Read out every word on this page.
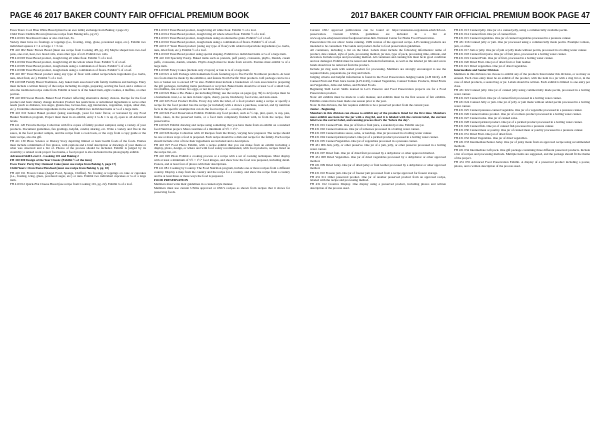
PAGE 46 2017 BAKER COUNTY FAIR OFFICIAL PREMIUM BOOK

Ewes Years: Cool Blue White Breed (must be an ewe lamb) exchange from Baking 1 page 21)

Child Years: Debbie Brown (must use recipe from Baking info, pg 21)

FH 410 001 Shortbread Cakes or also visit Gul, 3x.

Variety must have no frostings or toppings (i.e., frosting, icing, glaze, powdered sugar, etc.). Exhibit two individual squares 2 × 4 or large 1 × 3 cut.

FH 410 002 Basic Brown Bread (must use recipe from Cooking 4H, pg. 45) Maybe shaped into two-loaf pans, one oval, heat, two bread rolls, even other type of roll. Exhibit two rolls.

FH 410 003 Yeast Bread product, dough bring all white flour. Exhibit ½ of a loaf.

FH 410 004 Yeast Bread product, dough bring all the whole wheat flour. Exhibit ½ of a loaf.

FH 410 005 Yeast Bread product, dough made using a combination of flours. Exhibit ½ of a loaf.

FH 410 006 Yeast Bread product, dough made using a combination of flours. Exhibit ½ of a loaf.

FH 410 007 Yeast Bread product using any type of flour with added recipe/whole ingredients (i.e. herbs, nuts, dried fruit, etc.). Exhibit ½ of a loaf.

FH 410 008 Family Bread Traditions. Any baked item associated with family traditions and heritage. Entry must include a written history of the recipe including its origin, preparing, serving the food, and a culture or who the traditional recipe came from. Exhibit at least ¼ of the baked item, eight cookies, 4 muffins, or other portion.

FH 410 009 Sweet Breads. Baked Food Product reflecting alternative dietary choices. Recipe for the food product and basic dietary change included. Product has restrictions or substituted ingredients to serve other needs (such as diabetes, low-sugar, gluten-free, lactose-free, egg intolerance, vegetarian, vegan, other diet, etc.). Underline alternative ingredients in the recipe. Exhibit two individual items or ¼ of a large item.

FH 410 010 Senior Baked product (using sourdough, yeast for basic flavor, or leavened by any Food Beaker Nutrition program, Project must meet in an exhibit, entry 2 ¼ & 1 ¼ up 2), open to all Advanced levels.

FH 411 120 Favorite Recipe Collection with five copies of family product sampled, using a variety of your products. Document guidelines, fun gradings, helpful, candid, sharing, etc. Write a variety and five in the sauce, in the food product sample, and the recipe from a cook book, or the copy from a copy guide or the basic recipe, also the gift.

FH 411 130 Photo Science or Dietary Story depicting limited or basic health foods of the foods. Entries must include a minimum of five photos, with captions and a brief description or drawings of your theme or what was observed and a list of. Photos of the process should be included. Exhibit is judged by its creativity; a related work project food name, a food project is also included in the photography exhibit.

Advanced Skill Level 4 - Cooking 101 and Baking 2

FH 410 000 Design of the Year Classic (Exhibit ½ of the item)

Ewes Years: Party Day Oatmeal Cake (must use recipe from Baking 3, page 17)

Child Years: Oven Pasta Pinwheel (must use recipe from Baking 3, pg. 18)

FH 410 011 Frozen Cakes (Angel Food, Sponge, Chiffon). No frosting or toppings on cake or cupcakes (i.e., frosting, icing, glaze, powdered sugar, etc.) or nuts. Exhibit two individual cupcakes or ¼ of a large item.

FH 410 012 Quick-Flat Cheese Bread (use recipe from Cooking 101, pg. 22). Exhibit ¼ of a loaf.

FH 410 013 Yeast Bread product, dough bring all white flour. Exhibit ½ of a loaf.

FH 410 014 Yeast Bread product, dough bring all whole wheat flour. Exhibit ½ of a loaf.

FH 410 015 Yeast Bread product, dough made using an alternative grain. Exhibit ½ of a loaf.

FH 410 016 Yeast Bread product, dough made using a combination of flours. Exhibit ½ of a loaf.

FH 410 017 Yeast Bread product (using any type of flour) with added recipe/whole ingredients (i.e. herbs, nuts, dried fruit, etc.). Exhibit ½ of a loaf.

FH 410 018 Yeast Bread product using special shaping. Exhibit two individual items or ¼ of a large item.

FH 410 019 Specialty Pastry. Baked items such as pretzels, puff pastry, croissants, phyllo, Danish, cream puffs, croissants, danish, strudels. Phyllo dough must be made from scratch. Pastries must exhibit ¼ of a large item.

FH 410 020 Fancy Cakes (include only 2 layers) or bun is ¼ of a large item.

FH 410 021 A Gift Package with homemade foods featuring up to five Pacific Northwest products. At least two foods must be made by the exhibitor, and feature North Pacific West products. Gift package can be in a box or basket not to exceed 18” in size. Exhibit must include a breakdown of costs associated to preparing the gift packages, including items purchased or recycled. Baked items should be at least ¼ of a small loaf, two muffins, one or more two eggs, or not more than ¼ cup.”

FH 410 022 Bake a Pie. Bake a pie including filling; use the recipe on pages (pg. 39) to 42 (recipe must be a homemade crust, i.e. no nuts in basic apple, cherry, pecan, blackberry, food scale, and nuts eaten.

FH 410 023 Food Product Profile. Every day with the label, of a food product using a recipe or specify a recipe for the food product has the recipe (or included) with a shows a purchase, sourced, and by nutrition facts in the specific example that can do the food recipe of ... a recipe, all natural.

FH 410 024 Food Preservation Exhibit. Exhibits any food product, such as ½ cup, pint, quart, ¼ cup, pies, fruits, cakes, in the preserved items, or a food item completely finished with, in from the recipe, fruit preservative.

FH 410 025 Exhibit drawing and recipe using something that you have made from an exhibit on a standard food Nutrition project. Must constitute of a minimum of 5½ × 1½”.

FH 410 026 Recipe Collection with 10 Recipes from the library, varying how prepared. The recipe should be one or more ways a food is prepared. Each recipe should be a dish and recipe for the family. Each recipe should include a list of how their ingredients are included and a description.

FH 410 027 Food Photo Exhibit, with a recipe exhibit that you can make from an exhibit including a display, photo, design, or where and with food safety recommended, with food products, recipes listed on the recipe list, etc.

FH 410 028 Photo Exhibit a cooking process or a recipe with a set of cooking techniques. Must display with at least a minimum of 5½ × 1½” food images, and show how the food was prepared, including detail. Posters, and at least four of photos with their descriptions.

FH 411 081 Cooking by Country. The Food Nutrition program, include one or more recipes from a different country. Display a map from the country and the recipe for a country, and show the recipe from a country and be at least three or more ways the food is prepared.

FOOD PRESERVATION

Members must write their guidelines in a canned-style manner.

Members must use current USDA approved or OSU's recipes as shown from recipes that it shows for preserving foods.

2017 BAKER COUNTY FAIR OFFICIAL PREMIUM BOOK PAGE 47

Current OSU approved publications can be found at: https://extension.oregonstate.edu/fch/food-preservation. Current USDA guidelines are included in a list at www.ag.wsu.edu/preservation/foodpreservation.htm. National Center for Home Food Preservation.

Preservation: Do not allow: home canning. 1999 version of the approved recipe. 4-H canning products are intended to be consumed. The Guide and product. Refer to food preservation guidelines.

All containers, including a list on the label. Labels must include the following information: name of product, date canned, style of pack, processing method, jar size, type of pack, processing time, altitude, and elevation. Include recipe and processing method. All containers and canning lids must be in good condition and not damaged. Exhibit must be tested and included information, as well as the labeled jar lids and screw bands should not be removed from the product.

Include jar ring seals with sealed product for processing. Members are strongly encouraged to use the required labels, preparations, jar ring and labels.

Judging criteria and helpful information is found in the Food Preservation Judging Guide (4-H 9419), 4-H Canned Fruit and Fruit Juice Guide (4-H 4129), Canned Vegetables, Canned Tomato Products, Dried Fruits and Vegetables, Jams and Jellies, and Pickled Foods.

Beginning Skill Level: Skills learned in Let’s Preserve and Food Preservation projects are for a Food Preservation product.

Note: All exhibits must be made in a safe manner, and exhibits must be the first season of fair exhibits. Exhibits cannot have been made one season prior to the year.

Note: In this division, the fair requires exhibits to be a preserved product from the current year.

Junior - Beginning

Members in this division can choose to exhibit any of the products listed for the first time. Members must exhibit one item for the jar with a ring lid, and it is labeled with the current label, the current label was the correct label, and canning process that’s the ‘before the day’.

FH 431 001 Canned Fruit. One jar of fruit or fruit juice, a standard jar size. Exhibit one jar.

FH 431 002 Canned tomatoes. One jar of tomatoes processed in a boiling water canner.

FH 431 003 Canned tomato sauce, salsa, or ketchup. One jar processed in a boiling water canner.

FH 431 004 Canned pickled product. One jar of a pickled product processed in a boiling water canner.

FH 431 005 Canned Vegetables. One jar of vegetables processed in a pressure canner.

FH 431 006 Jam, jelly, or other preserve. One jar of a jam, jelly, or other preserve processed in a boiling water canner.

FH 431 007 Dried fruit. One jar of dried fruit processed by a dehydrator or other approved method.

FH 431 008 Dried Vegetables. One jar of dried vegetables processed by a dehydrator or other approved method.

FH 431 009 Dried Jerky. One jar of dried jerky or fruit leather processed by a dehydrator or other approved method.

FH 431 010 Freezer jam. One jar of freezer jam processed from a recipe approved for freezer storage.

FH 431 011 Other preserved product. One jar of another preserved product from an approved recipe, labeled with the recipe and processing method.

FH 431 012 Creative Display. One display using a preserved product, including photos and written description of the process used.

FH 431 013 Canned jelly. One jar of a canned jelly, using a commercially available pectin.

FH 431 014 Canned fruit. One jar of canned fruit.

FH 431 015 Canned vegetables. One jar of canned vegetables processed in a pressure canner.

FH 431 016 Canned jelly or jam. One jar processed using a commercially made pectin. Example: tomato, jam, or other.

FH 431 017 Jam or jelly. One jar of jam or jelly made without pectin, processed in a boiling water canner.

FH 431 018 Canned fruit juice. One jar of fruit juice, processed in a boiling water canner.

FH 431 019 Canned Fruit. One jar of fruit, processed in a boiling water canner.

FH 431 020 Dried Fruit. One jar of dried fruit or fruit leather.

FH 431 021 Dried vegetables. One jar of dried vegetables.

Intermediate and Senior Division

Members in this division can choose to exhibit any of the products listed under this division, or as many as entered. Each class entry must be an exhibit of the product, with the item in a jar with a ring lid or, in the case of dried products, a sealed bag or jar. Labels should be written. Each exhibit is limited to one entry per class.

FH 431 022 Canned jelly. One jar of canned jelly using commercially made pectin, processed in a boiling water canner.

FH 431 023 Canned fruit. One jar of canned fruit processed in a boiling water canner.

FH 431 024 Canned Jelly or jam. One jar of jelly or jam made without added pectin processed in a boiling water canner.

FH 431 025 Canned pressure-canned vegetable. One jar of a vegetable processed in a pressure canner.

FH 431 026 Canned tomato product. One jar of a tomato product processed in a boiling water canner.

FH 431 027 Canned salsa. One jar of canned salsa.

FH 431 028 Canned pickled product. One jar of a pickled product processed in a boiling water canner.

FH 431 029 Canned fish. One jar of canned fish processed in a pressure canner.

FH 431 030 Canned meat or poultry. One jar of canned meat or poultry processed in a pressure canner.

FH 431 031 Dried Fruit. One jar of dried fruit.

FH 431 032 Dried Vegetables. One jar of dried vegetables.

FH 431 033 Intermediate/Senior Jerky. One jar of jerky made from an approved recipe using recommended methods.

FH 431 034 Intermediate Gift pack. One gift package containing three different preserved products. Include a list of recipes and processing methods. Multiple items are suggested, and the package should fit the theme of the project.

FH 431 035 Advanced Food Preservation Exhibit. A display of a preserved product including a poster, photos, and a written description of the process used.
